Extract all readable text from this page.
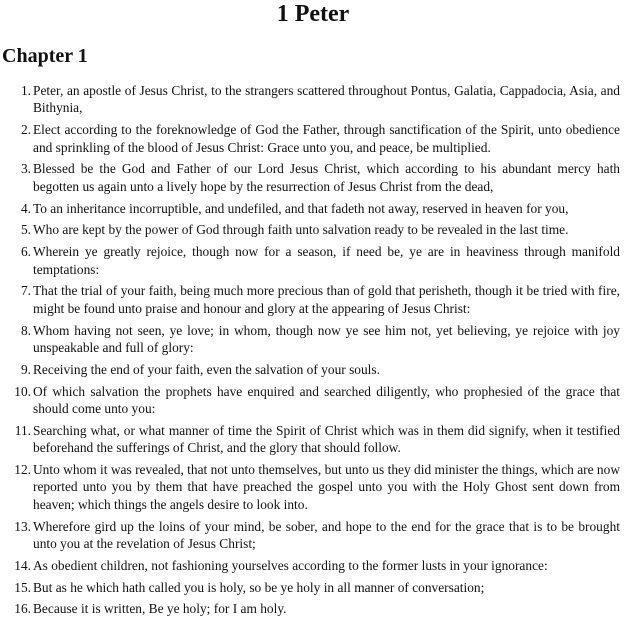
1 Peter
Chapter 1
1. Peter, an apostle of Jesus Christ, to the strangers scattered throughout Pontus, Galatia, Cappadocia, Asia, and Bithynia,
2. Elect according to the foreknowledge of God the Father, through sanctification of the Spirit, unto obedience and sprinkling of the blood of Jesus Christ: Grace unto you, and peace, be multiplied.
3. Blessed be the God and Father of our Lord Jesus Christ, which according to his abundant mercy hath begotten us again unto a lively hope by the resurrection of Jesus Christ from the dead,
4. To an inheritance incorruptible, and undefiled, and that fadeth not away, reserved in heaven for you,
5. Who are kept by the power of God through faith unto salvation ready to be revealed in the last time.
6. Wherein ye greatly rejoice, though now for a season, if need be, ye are in heaviness through manifold temptations:
7. That the trial of your faith, being much more precious than of gold that perisheth, though it be tried with fire, might be found unto praise and honour and glory at the appearing of Jesus Christ:
8. Whom having not seen, ye love; in whom, though now ye see him not, yet believing, ye rejoice with joy unspeakable and full of glory:
9. Receiving the end of your faith, even the salvation of your souls.
10. Of which salvation the prophets have enquired and searched diligently, who prophesied of the grace that should come unto you:
11. Searching what, or what manner of time the Spirit of Christ which was in them did signify, when it testified beforehand the sufferings of Christ, and the glory that should follow.
12. Unto whom it was revealed, that not unto themselves, but unto us they did minister the things, which are now reported unto you by them that have preached the gospel unto you with the Holy Ghost sent down from heaven; which things the angels desire to look into.
13. Wherefore gird up the loins of your mind, be sober, and hope to the end for the grace that is to be brought unto you at the revelation of Jesus Christ;
14. As obedient children, not fashioning yourselves according to the former lusts in your ignorance:
15. But as he which hath called you is holy, so be ye holy in all manner of conversation;
16. Because it is written, Be ye holy; for I am holy.
